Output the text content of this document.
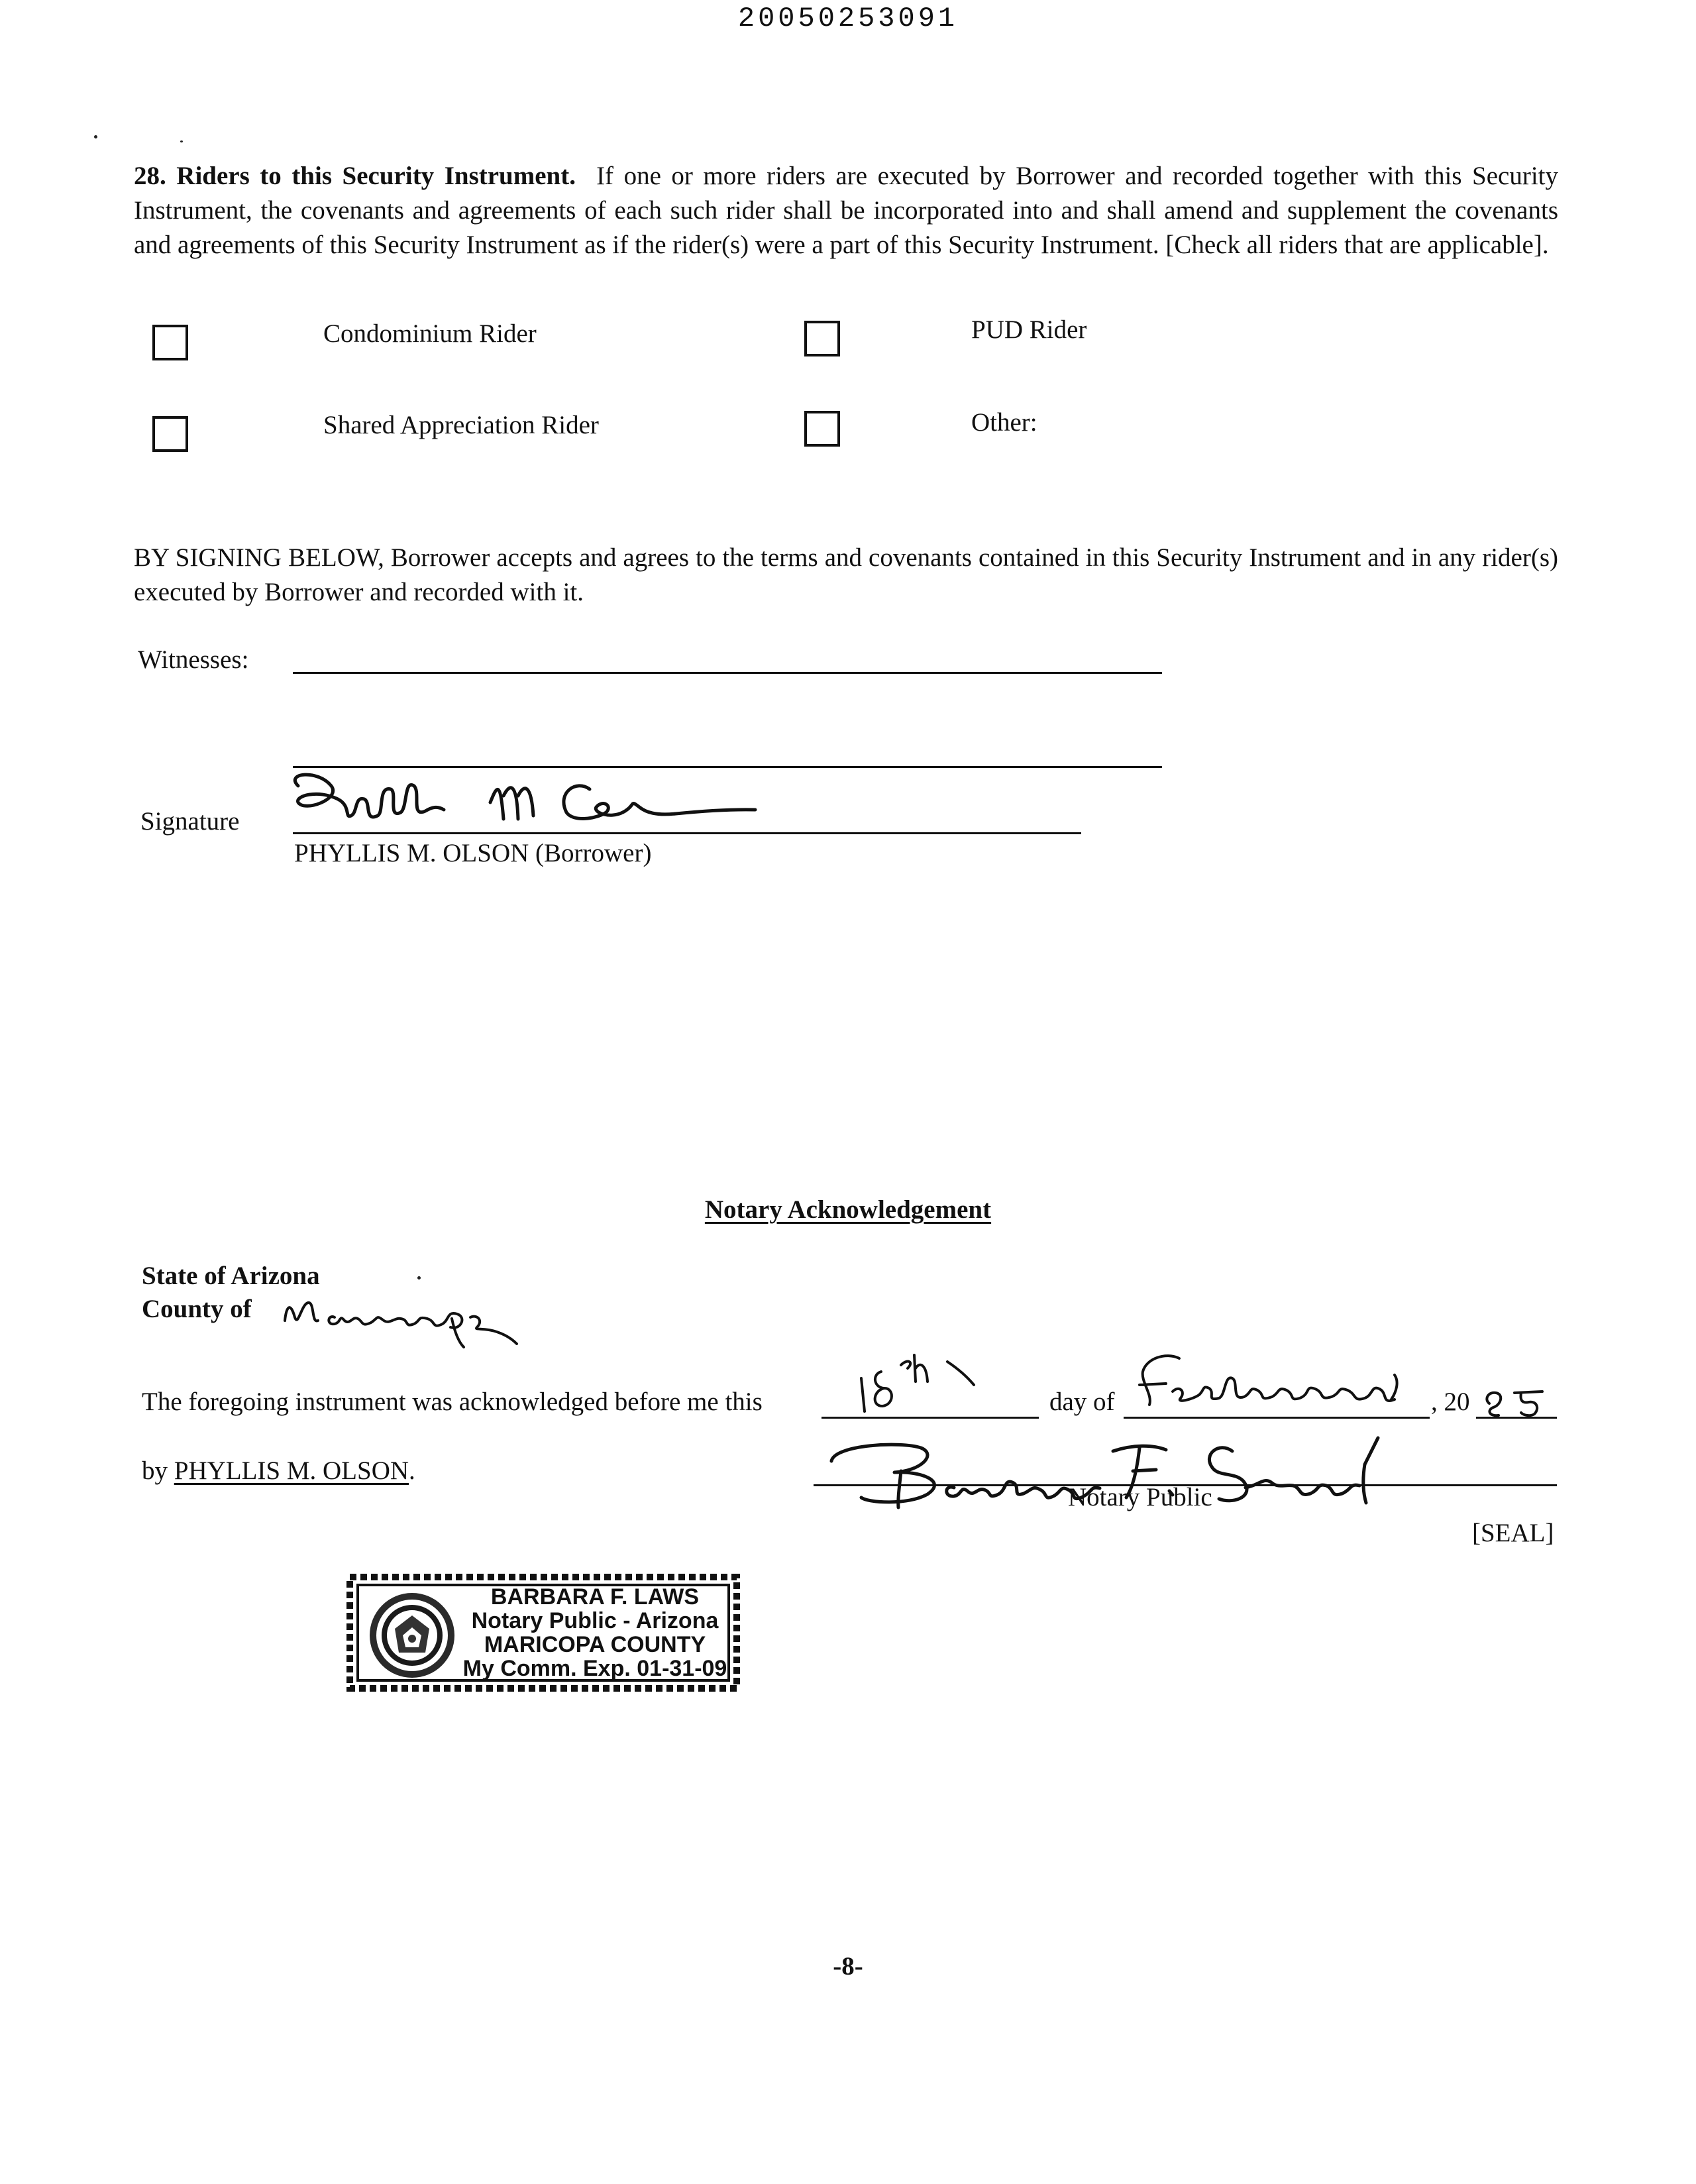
20050253091
28. Riders to this Security Instrument. If one or more riders are executed by Borrower and recorded together with this Security Instrument, the covenants and agreements of each such rider shall be incorporated into and shall amend and supplement the covenants and agreements of this Security Instrument as if the rider(s) were a part of this Security Instrument. [Check all riders that are applicable].
Condominium Rider	PUD Rider
Shared Appreciation Rider	Other:
BY SIGNING BELOW, Borrower accepts and agrees to the terms and covenants contained in this Security Instrument and in any rider(s) executed by Borrower and recorded with it.
Witnesses:
Signature
PHYLLIS M. OLSON (Borrower)
Notary Acknowledgement
State of Arizona
County of
The foregoing instrument was acknowledged before me this	day of	, 20
by PHYLLIS M. OLSON.
Notary Public
[SEAL]
BARBARA F. LAWS
Notary Public - Arizona
MARICOPA COUNTY
My Comm. Exp. 01-31-09
-8-
